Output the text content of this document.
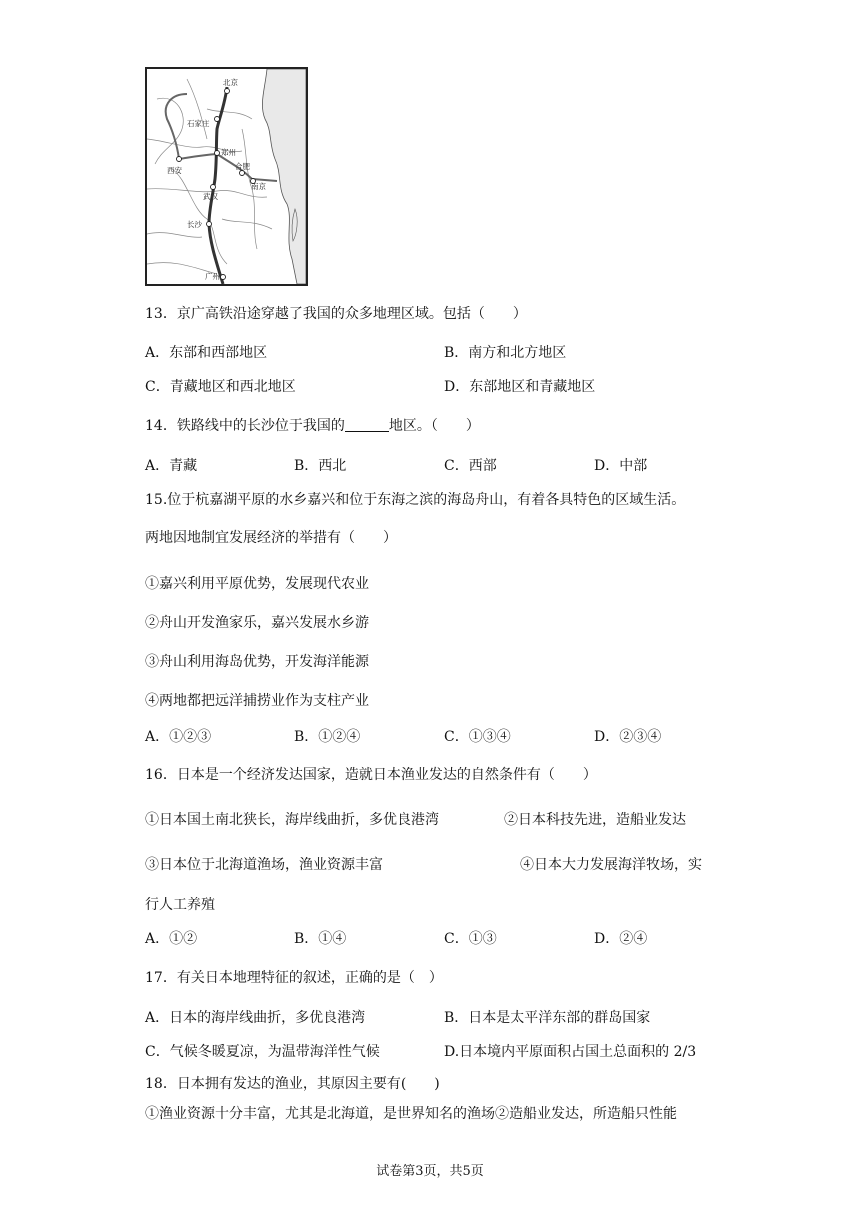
北京
石家庄
郑州
西安	合肥
南京
武汉
长沙
广州
13．京广高铁沿途穿越了我国的众多地理区域。包括（　　）
A．东部和西部地区	B．南方和北方地区
C．青藏地区和西北地区	D．东部地区和青藏地区
14．铁路线中的长沙位于我国的	地区。（　　）
A．青藏	B．西北	C．西部	D．中部
15.位于杭嘉湖平原的水乡嘉兴和位于东海之滨的海岛舟山，有着各具特色的区域生活。
两地因地制宜发展经济的举措有（　　）
①嘉兴利用平原优势，发展现代农业
②舟山开发渔家乐，嘉兴发展水乡游
③舟山利用海岛优势，开发海洋能源
④两地都把远洋捕捞业作为支柱产业
A．①②③	B．①②④	C．①③④	D．②③④
16．日本是一个经济发达国家，造就日本渔业发达的自然条件有（　　）
①日本国土南北狭长，海岸线曲折，多优良港湾	②日本科技先进，造船业发达
③日本位于北海道渔场，渔业资源丰富	④日本大力发展海洋牧场，实
行人工养殖
A．①②	B．①④	C．①③	D．②④
17．有关日本地理特征的叙述，正确的是（　）
A．日本的海岸线曲折，多优良港湾	B．日本是太平洋东部的群岛国家
C．气候冬暖夏凉，为温带海洋性气候	D.日本境内平原面积占国土总面积的 2/3
18．日本拥有发达的渔业，其原因主要有(　　)
①渔业资源十分丰富，尤其是北海道，是世界知名的渔场②造船业发达，所造船只性能
试卷第3页，共5页
